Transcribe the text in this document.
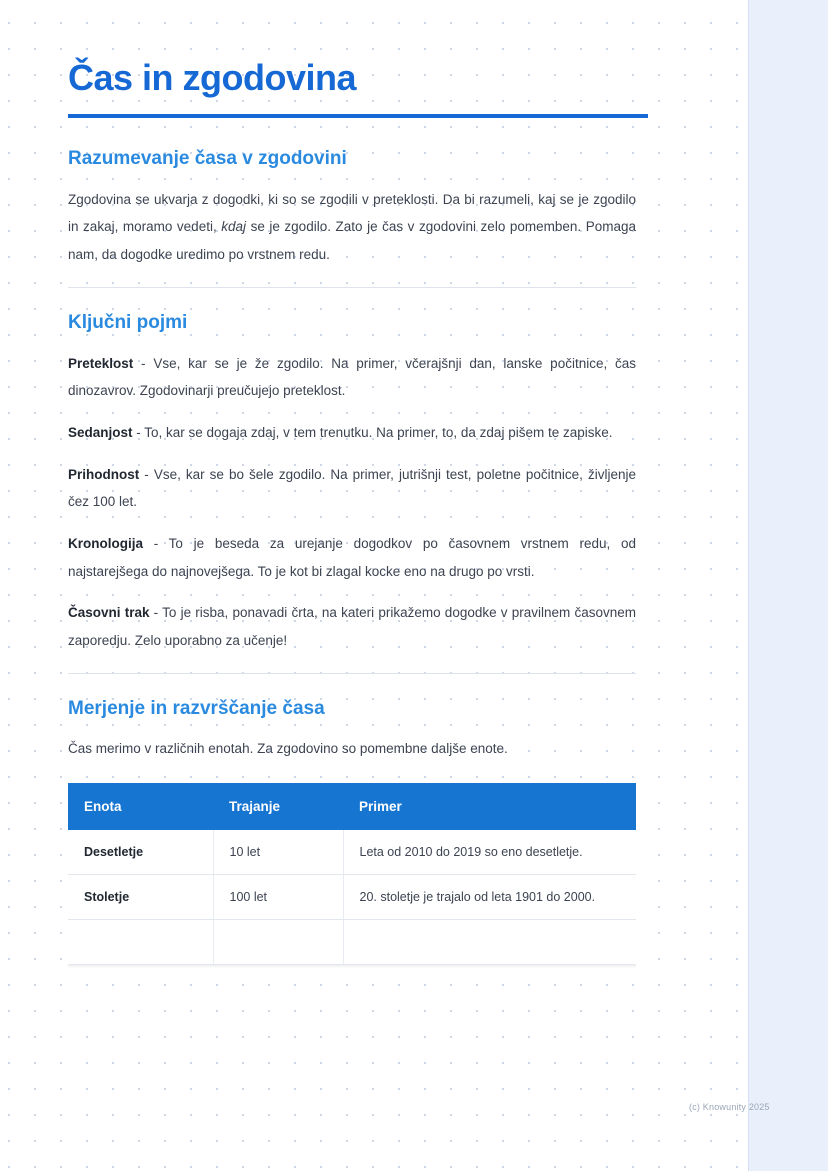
Čas in zgodovina
Razumevanje časa v zgodovini

Zgodovina se ukvarja z dogodki, ki so se zgodili v preteklosti. Da bi razumeli, kaj se je zgodilo in zakaj, moramo vedeti, kdaj se je zgodilo. Zato je čas v zgodovini zelo pomemben. Pomaga nam, da dogodke uredimo po vrstnem redu.

Ključni pojmi

Preteklost - Vse, kar se je že zgodilo. Na primer, včerajšnji dan, lanske počitnice, čas dinozavrov. Zgodovinarji preučujejo preteklost.

Sedanjost - To, kar se dogaja zdaj, v tem trenutku. Na primer, to, da zdaj pišem te zapiske.

Prihodnost - Vse, kar se bo šele zgodilo. Na primer, jutrišnji test, poletne počitnice, življenje čez 100 let.

Kronologija - To je beseda za urejanje dogodkov po časovnem vrstnem redu, od najstarejšega do najnovejšega. To je kot bi zlagal kocke eno na drugo po vrsti.

Časovni trak - To je risba, ponavadi črta, na kateri prikažemo dogodke v pravilnem časovnem zaporedju. Zelo uporabno za učenje!

Merjenje in razvrščanje časa

Čas merimo v različnih enotah. Za zgodovino so pomembne daljše enote.

Enota	Trajanje	Primer
Desetletje	10 let	Leta od 2010 do 2019 so eno desetletje.
Stoletje	100 let	20. stoletje je trajalo od leta 1901 do 2000.

(c) Knowunity 2025
